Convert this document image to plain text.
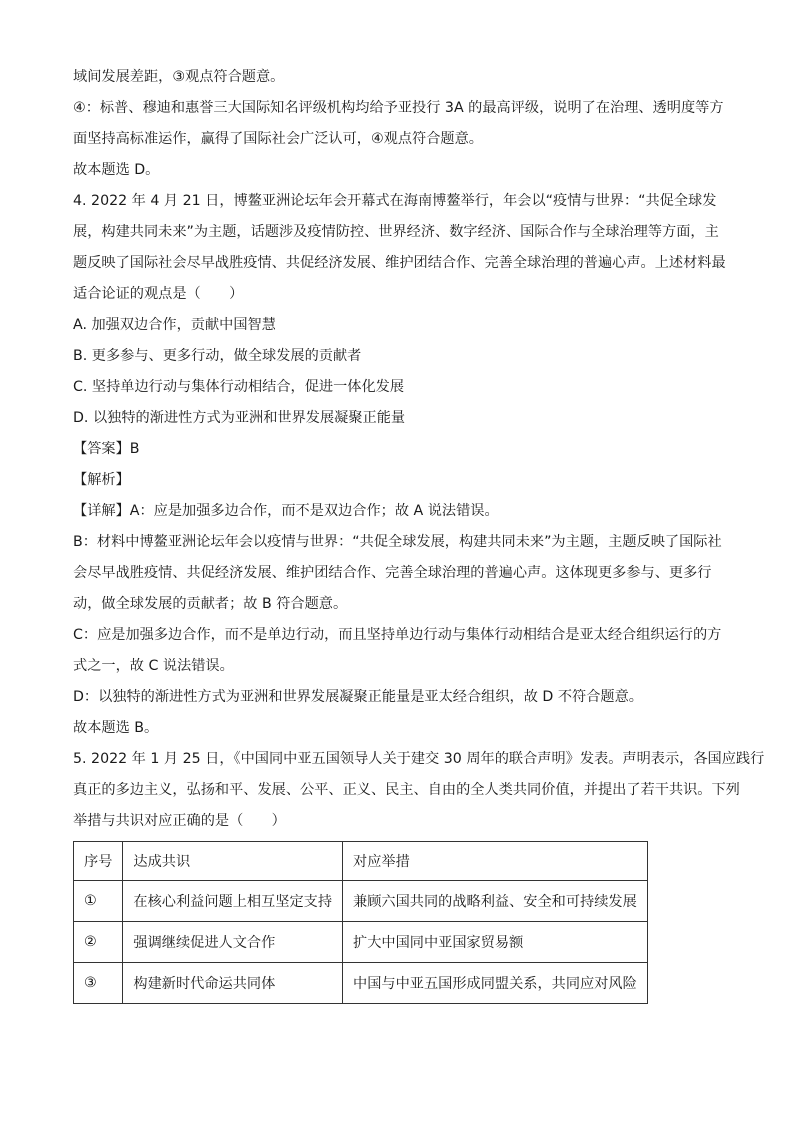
域间发展差距，③观点符合题意。

④：标普、穆迪和惠誉三大国际知名评级机构均给予亚投行 3A 的最高评级，说明了在治理、透明度等方

面坚持高标准运作，赢得了国际社会广泛认可，④观点符合题意。

故本题选 D。

4. 2022 年 4 月 21 日，博鳌亚洲论坛年会开幕式在海南博鳌举行，年会以“疫情与世界：“共促全球发

展，构建共同未来”为主题，话题涉及疫情防控、世界经济、数字经济、国际合作与全球治理等方面，主

题反映了国际社会尽早战胜疫情、共促经济发展、维护团结合作、完善全球治理的普遍心声。上述材料最

适合论证的观点是（　　）

A. 加强双边合作，贡献中国智慧

B. 更多参与、更多行动，做全球发展的贡献者

C. 坚持单边行动与集体行动相结合，促进一体化发展

D. 以独特的渐进性方式为亚洲和世界发展凝聚正能量

【答案】B

【解析】

【详解】A：应是加强多边合作，而不是双边合作；故 A 说法错误。

B：材料中博鳌亚洲论坛年会以疫情与世界：“共促全球发展，构建共同未来”为主题，主题反映了国际社

会尽早战胜疫情、共促经济发展、维护团结合作、完善全球治理的普遍心声。这体现更多参与、更多行

动，做全球发展的贡献者；故 B 符合题意。

C：应是加强多边合作，而不是单边行动，而且坚持单边行动与集体行动相结合是亚太经合组织运行的方

式之一，故 C 说法错误。

D：以独特的渐进性方式为亚洲和世界发展凝聚正能量是亚太经合组织，故 D 不符合题意。

故本题选 B。

5. 2022 年 1 月 25 日，《中国同中亚五国领导人关于建交 30 周年的联合声明》发表。声明表示，各国应践行

真正的多边主义，弘扬和平、发展、公平、正义、民主、自由的全人类共同价值，并提出了若干共识。下列

举措与共识对应正确的是（　　）

序号	达成共识	对应举措
①	在核心利益问题上相互坚定支持	兼顾六国共同的战略利益、安全和可持续发展
②	强调继续促进人文合作	扩大中国同中亚国家贸易额
③	构建新时代命运共同体	中国与中亚五国形成同盟关系，共同应对风险
